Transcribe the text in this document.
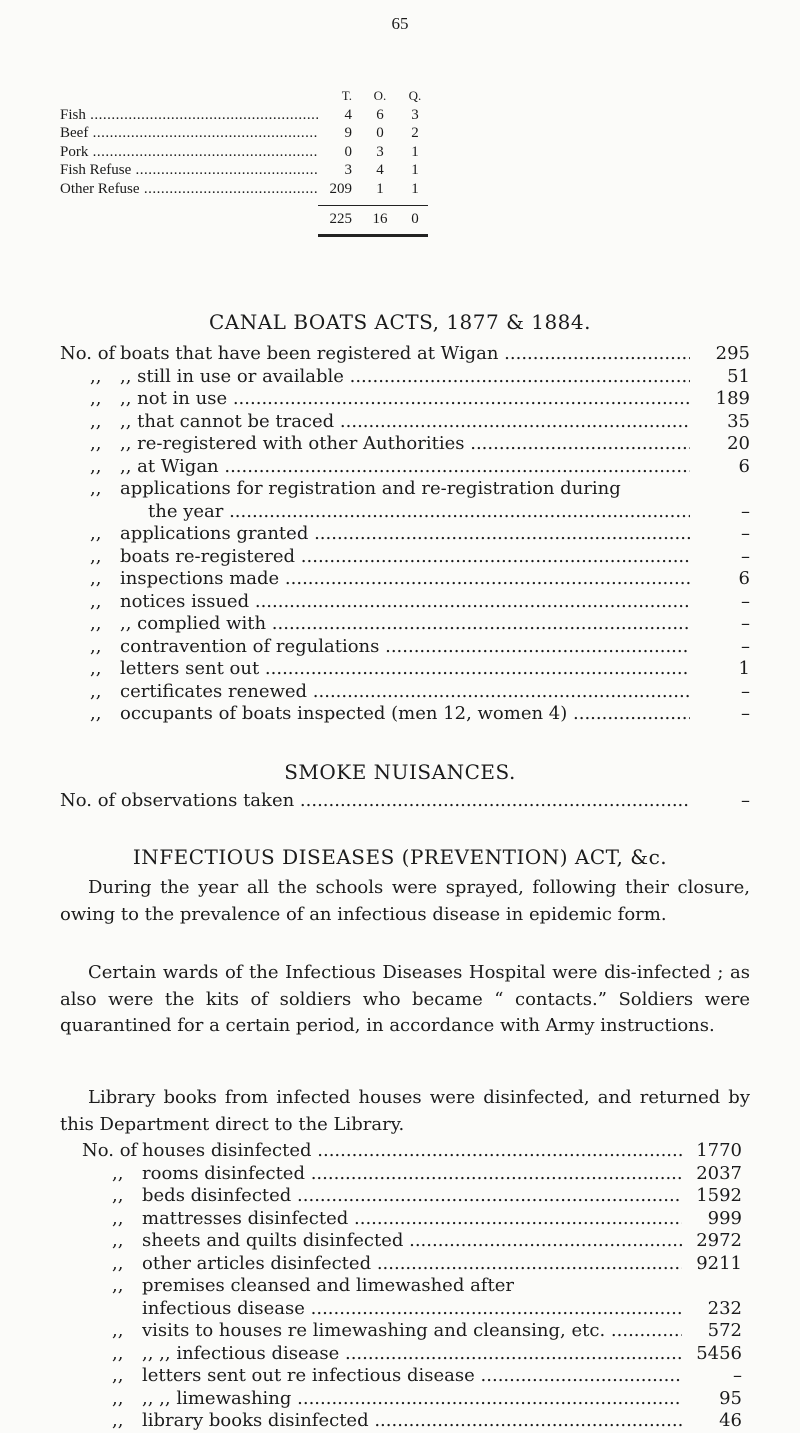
65
T.	O.	Q.
Fish .....	4	6	3
Beef .....	9	0	2
Pork .....	0	3	1
Fish Refuse .....	3	4	1
Other Refuse .....	209	1	1
225	16	0
CANAL BOATS ACTS, 1877 & 1884.
No. of boats that have been registered at Wigan .....	295
,, ,, still in use or available .....	51
,, ,, not in use .....	189
,, ,, that cannot be traced .....	35
,, ,, re-registered with other Authorities .....	20
,, ,, at Wigan .....	6
,, applications for registration and re-registration during
the year .....	–
,, applications granted .....	–
,, boats re-registered .....	–
,, inspections made .....	6
,, notices issued .....	–
,, ,, complied with .....	–
,, contravention of regulations .....	–
,, letters sent out .....	1
,, certificates renewed .....	–
,, occupants of boats inspected (men 12, women 4) .....	–
SMOKE NUISANCES.
No. of observations taken .....	–
INFECTIOUS DISEASES (PREVENTION) ACT, &c.
During the year all the schools were sprayed, following their closure, owing to the prevalence of an infectious disease in epidemic form.
Certain wards of the Infectious Diseases Hospital were dis-infected ; as also were the kits of soldiers who became “ contacts.” Soldiers were quarantined for a certain period, in accordance with Army instructions.
Library books from infected houses were disinfected, and returned by this Department direct to the Library.
No. of houses disinfected .....	1770
,, rooms disinfected .....	2037
,, beds disinfected .....	1592
,, mattresses disinfected .....	999
,, sheets and quilts disinfected .....	2972
,, other articles disinfected .....	9211
,, premises cleansed and limewashed after
infectious disease .....	232
,, visits to houses re limewashing and cleansing, etc. .....	572
,, ,, ,, infectious disease .....	5456
,, letters sent out re infectious disease .....	–
,, ,, ,, limewashing .....	95
,, library books disinfected .....	46
